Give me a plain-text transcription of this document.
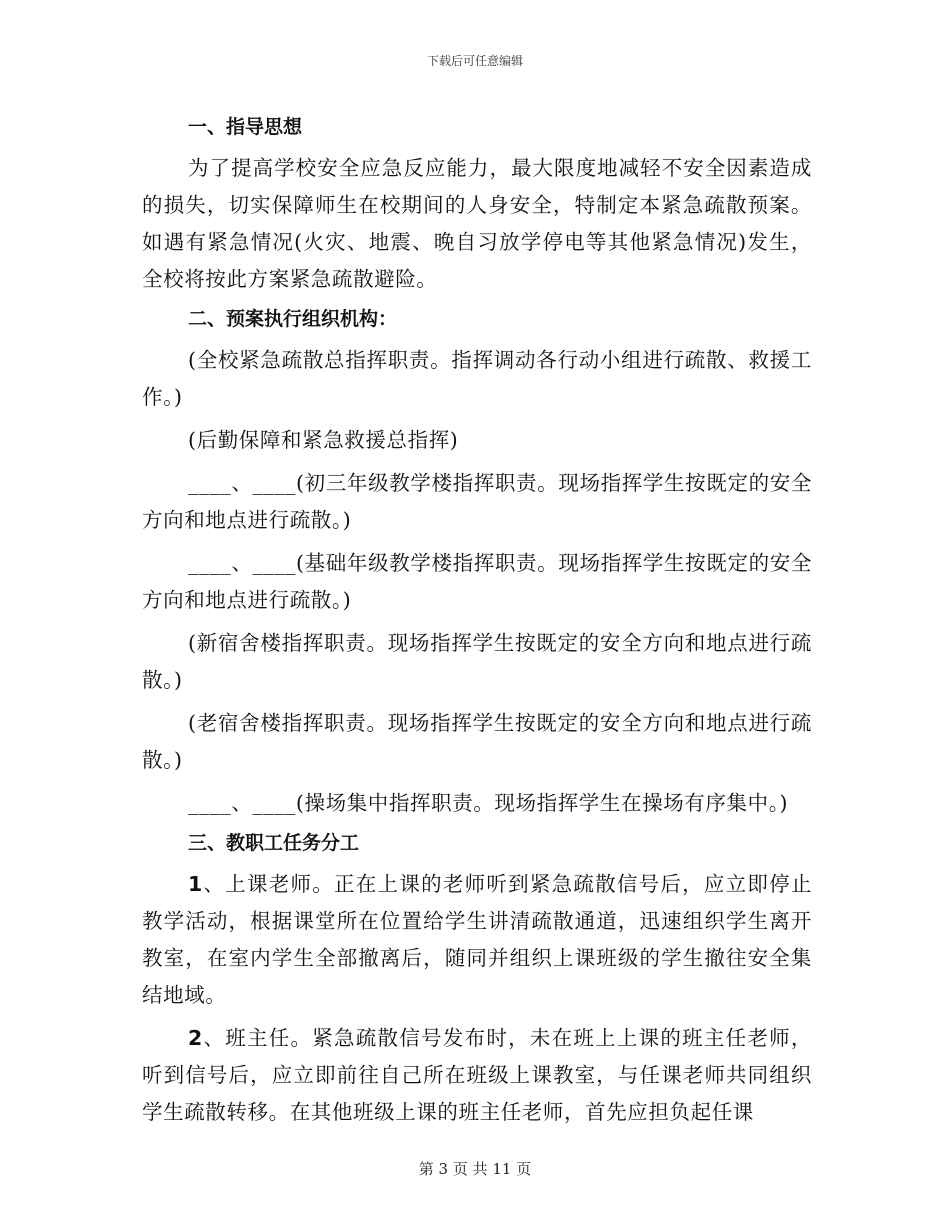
下载后可任意编辑
一、指导思想
为了提高学校安全应急反应能力，最大限度地减轻不安全因素造成的损失，切实保障师生在校期间的人身安全，特制定本紧急疏散预案。如遇有紧急情况(火灾、地震、晚自习放学停电等其他紧急情况)发生，全校将按此方案紧急疏散避险。
二、预案执行组织机构：
(全校紧急疏散总指挥职责。指挥调动各行动小组进行疏散、救援工作。)
(后勤保障和紧急救援总指挥)
____、____(初三年级教学楼指挥职责。现场指挥学生按既定的安全方向和地点进行疏散。)
____、____(基础年级教学楼指挥职责。现场指挥学生按既定的安全方向和地点进行疏散。)
(新宿舍楼指挥职责。现场指挥学生按既定的安全方向和地点进行疏散。)
(老宿舍楼指挥职责。现场指挥学生按既定的安全方向和地点进行疏散。)
____、____(操场集中指挥职责。现场指挥学生在操场有序集中。)
三、教职工任务分工
1、上课老师。正在上课的老师听到紧急疏散信号后，应立即停止教学活动，根据课堂所在位置给学生讲清疏散通道，迅速组织学生离开教室，在室内学生全部撤离后，随同并组织上课班级的学生撤往安全集结地域。
2、班主任。紧急疏散信号发布时，未在班上上课的班主任老师，听到信号后，应立即前往自己所在班级上课教室，与任课老师共同组织学生疏散转移。在其他班级上课的班主任老师，首先应担负起任课
第 3 页 共 11 页
